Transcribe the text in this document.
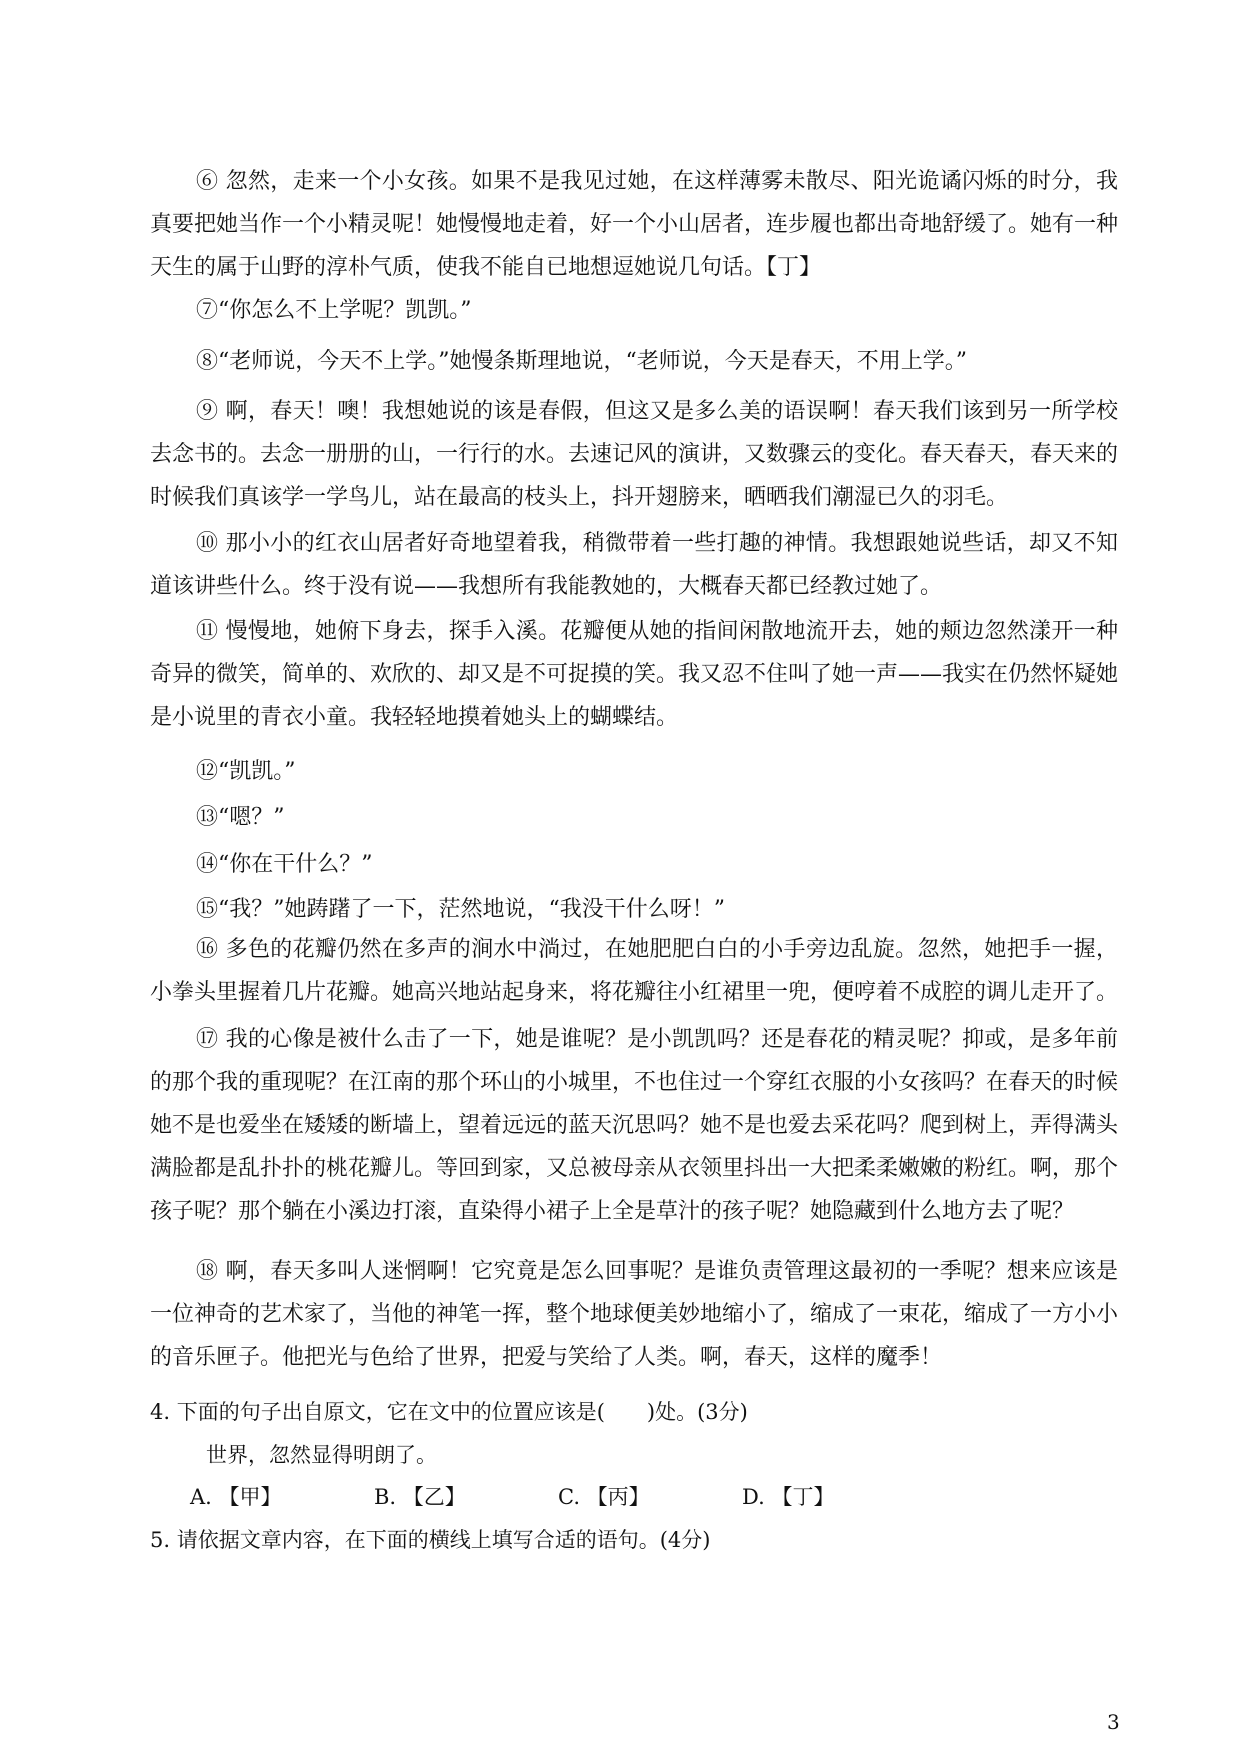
⑥ 忽然，走来一个小女孩。如果不是我见过她，在这样薄雾未散尽、阳光诡谲闪烁的时分，我真要把她当作一个小精灵呢！她慢慢地走着，好一个小山居者，连步履也都出奇地舒缓了。她有一种天生的属于山野的淳朴气质，使我不能自已地想逗她说几句话。【丁】

⑦“你怎么不上学呢？凯凯。”

⑧“老师说，今天不上学。”她慢条斯理地说，“老师说，今天是春天，不用上学。”

⑨ 啊，春天！噢！我想她说的该是春假，但这又是多么美的语误啊！春天我们该到另一所学校去念书的。去念一册册的山，一行行的水。去速记风的演讲，又数骤云的变化。春天春天，春天来的时候我们真该学一学鸟儿，站在最高的枝头上，抖开翅膀来，晒晒我们潮湿已久的羽毛。

⑩ 那小小的红衣山居者好奇地望着我，稍微带着一些打趣的神情。我想跟她说些话，却又不知道该讲些什么。终于没有说——我想所有我能教她的，大概春天都已经教过她了。

⑪ 慢慢地，她俯下身去，探手入溪。花瓣便从她的指间闲散地流开去，她的颊边忽然漾开一种奇异的微笑，简单的、欢欣的、却又是不可捉摸的笑。我又忍不住叫了她一声——我实在仍然怀疑她是小说里的青衣小童。我轻轻地摸着她头上的蝴蝶结。

⑫“凯凯。”

⑬“嗯？”

⑭“你在干什么？”

⑮“我？”她踌躇了一下，茫然地说，“我没干什么呀！”

⑯ 多色的花瓣仍然在多声的涧水中淌过，在她肥肥白白的小手旁边乱旋。忽然，她把手一握，小拳头里握着几片花瓣。她高兴地站起身来，将花瓣往小红裙里一兜，便哼着不成腔的调儿走开了。

⑰ 我的心像是被什么击了一下，她是谁呢？是小凯凯吗？还是春花的精灵呢？抑或，是多年前的那个我的重现呢？在江南的那个环山的小城里，不也住过一个穿红衣服的小女孩吗？在春天的时候她不是也爱坐在矮矮的断墙上，望着远远的蓝天沉思吗？她不是也爱去采花吗？爬到树上，弄得满头满脸都是乱扑扑的桃花瓣儿。等回到家，又总被母亲从衣领里抖出一大把柔柔嫩嫩的粉红。啊，那个孩子呢？那个躺在小溪边打滚，直染得小裙子上全是草汁的孩子呢？她隐藏到什么地方去了呢？

⑱ 啊，春天多叫人迷惘啊！它究竟是怎么回事呢？是谁负责管理这最初的一季呢？想来应该是一位神奇的艺术家了，当他的神笔一挥，整个地球便美妙地缩小了，缩成了一束花，缩成了一方小小的音乐匣子。他把光与色给了世界，把爱与笑给了人类。啊，春天，这样的魔季！

4. 下面的句子出自原文，它在文中的位置应该是(　　)处。(3分)

世界，忽然显得明朗了。

A. 【甲】	B. 【乙】	C. 【丙】	D. 【丁】

5. 请依据文章内容，在下面的横线上填写合适的语句。(4分)

3
